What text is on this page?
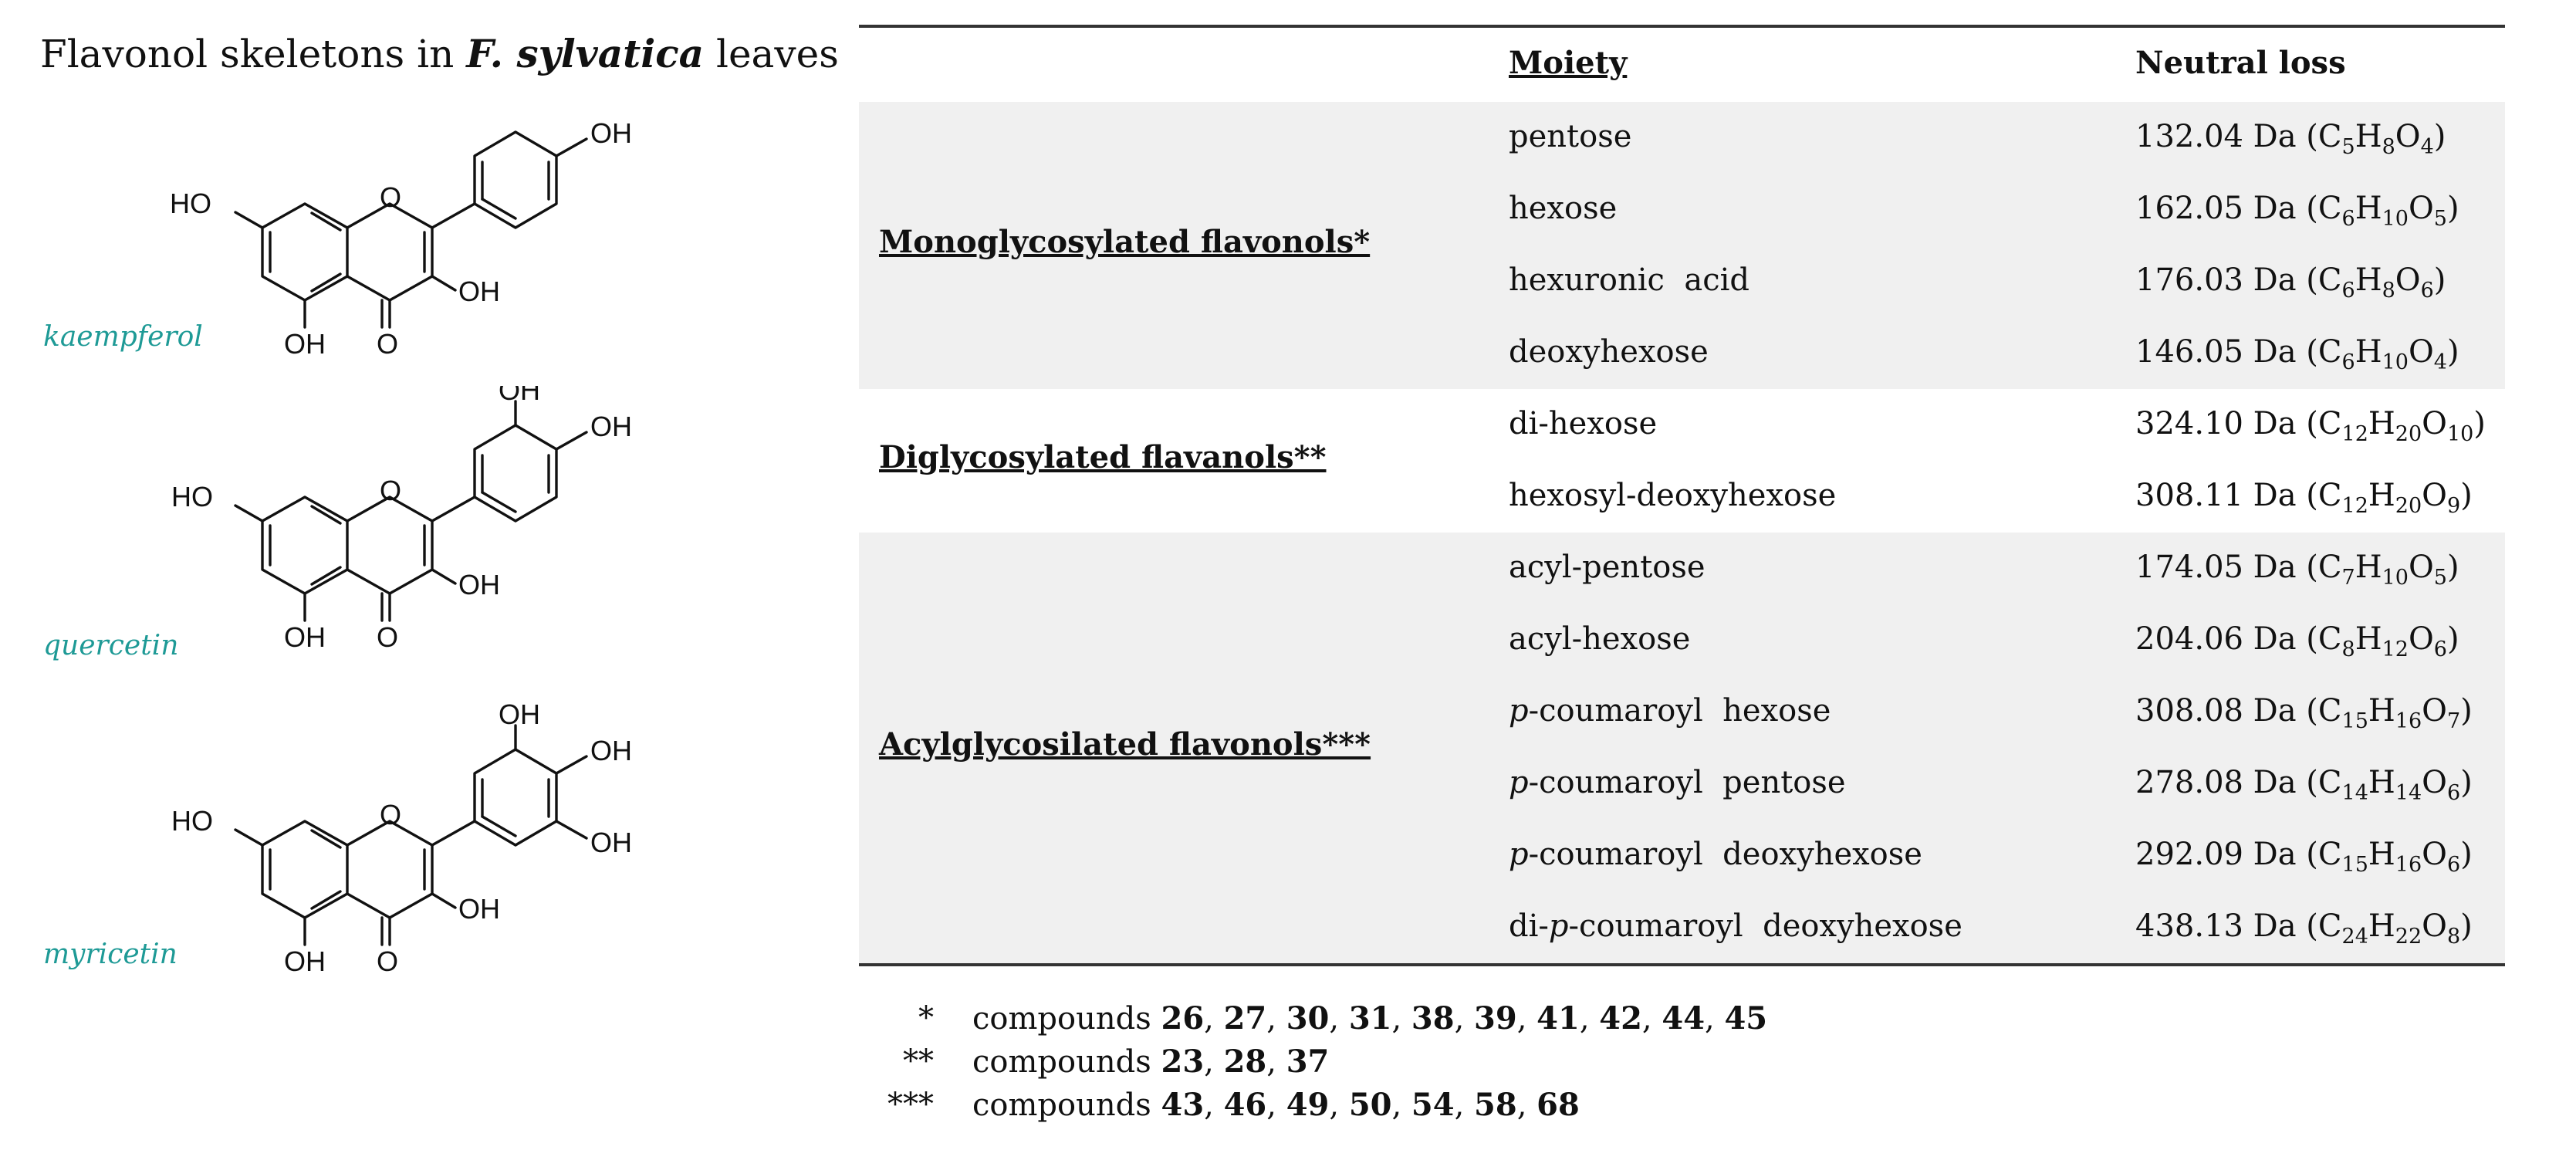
Flavonol skeletons in F. sylvatica leaves
HO
OH
OH
O
O
OH
kaempferol
HO
OH
OH
O
O
OH
OH
quercetin
HO
OH
OH
O
O
OH
OH
OH
myricetin
Moiety	Neutral loss
Monoglycosylated flavonols*
pentose	132.04 Da $(C_5H_8O_4)$
hexose	162.05 Da $(C_6H_{10}O_5)$
hexuronic  acid	176.03 Da $(C_6H_8O_6)$
deoxyhexose	146.05 Da $(C_6H_{10}O_4)$
Diglycosylated flavanols**
di-hexose	324.10 Da $(C_{12}H_{20}O_{10})$
hexosyl-deoxyhexose	308.11 Da $(C_{12}H_{20}O_9)$
Acylglycosilated flavonols***
acyl-pentose	174.05 Da $(C_7H_{10}O_5)$
acyl-hexose	204.06 Da $(C_8H_{12}O_6)$
p-coumaroyl  hexose	308.08 Da $(C_{15}H_{16}O_7)$
p-coumaroyl  pentose	278.08 Da $(C_{14}H_{14}O_6)$
p-coumaroyl  deoxyhexose	292.09 Da $(C_{15}H_{16}O_6)$
di-p-coumaroyl  deoxyhexose	438.13 Da $(C_{24}H_{22}O_8)$
* compounds 26, 27, 30, 31, 38, 39, 41, 42, 44, 45
** compounds 23, 28, 37
*** compounds 43, 46, 49, 50, 54, 58, 68
